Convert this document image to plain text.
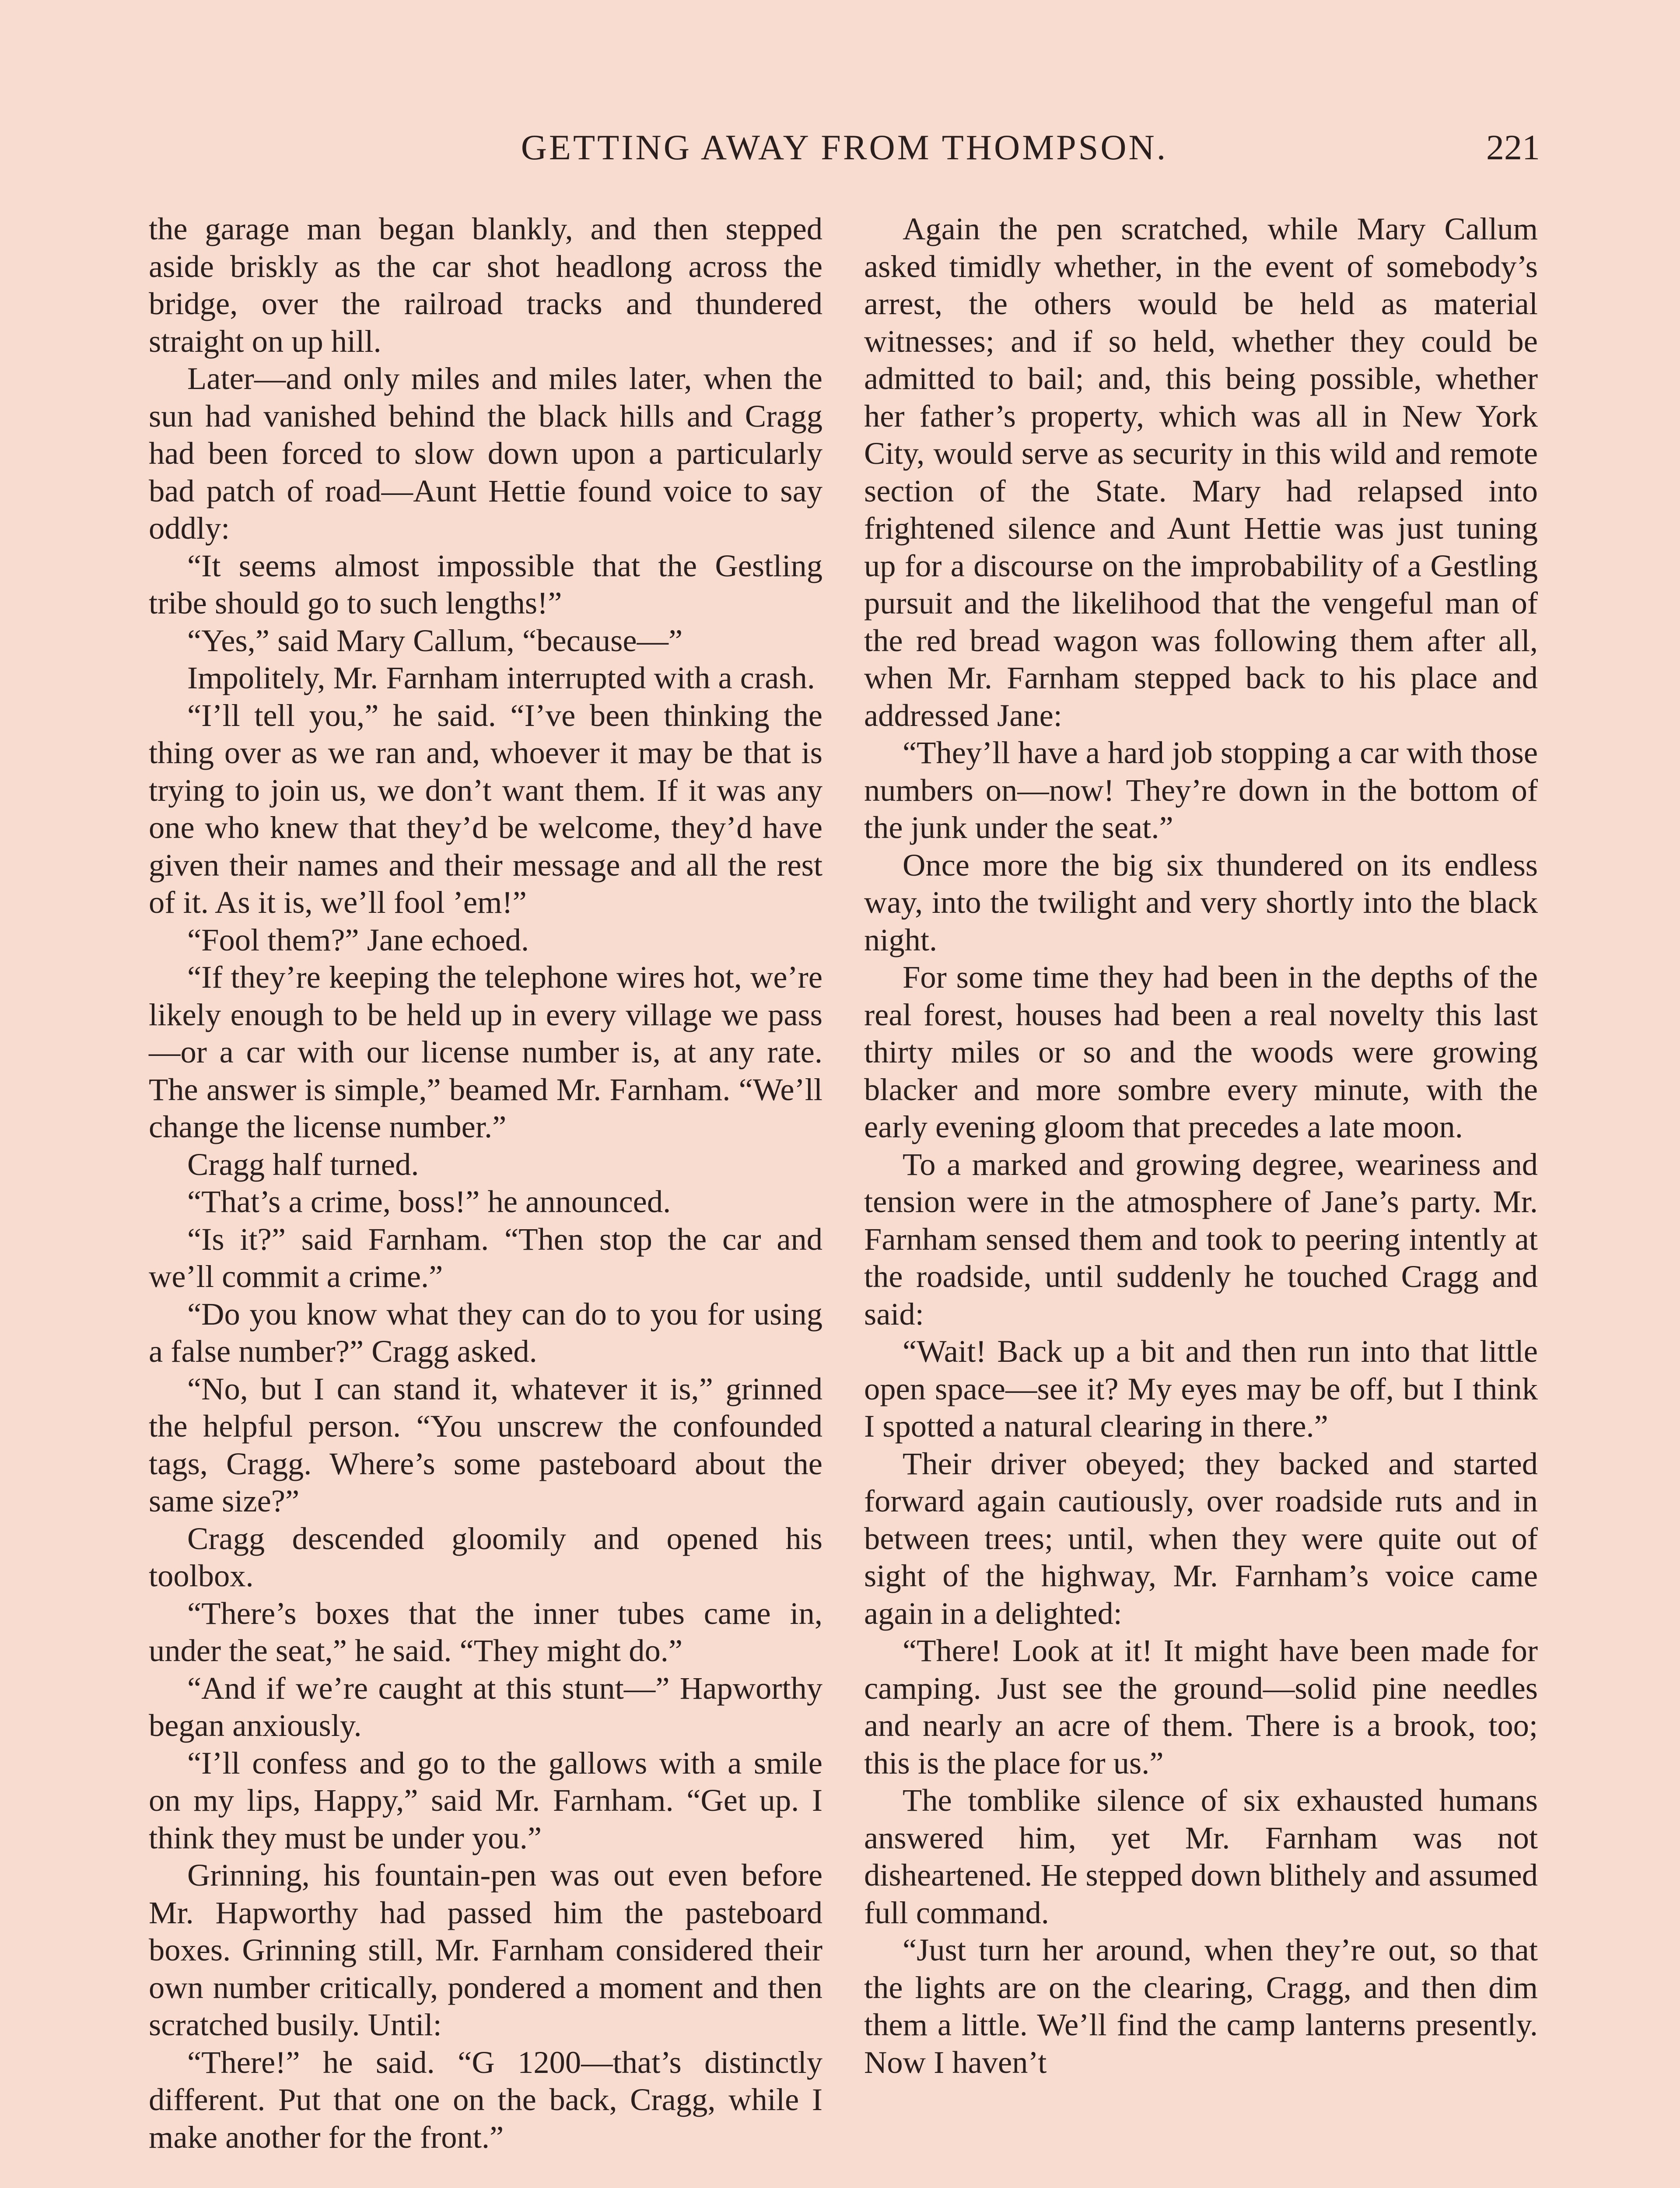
GETTING AWAY FROM THOMPSON.	221

the garage man began blankly, and then stepped aside briskly as the car shot headlong across the bridge, over the railroad tracks and thundered straight on up hill.

Later—and only miles and miles later, when the sun had vanished behind the black hills and Cragg had been forced to slow down upon a particularly bad patch of road—Aunt Hettie found voice to say oddly:

“It seems almost impossible that the Gestling tribe should go to such lengths!”

“Yes,” said Mary Callum, “because—”

Impolitely, Mr. Farnham interrupted with a crash.

“I’ll tell you,” he said. “I’ve been thinking the thing over as we ran and, whoever it may be that is trying to join us, we don’t want them. If it was any one who knew that they’d be welcome, they’d have given their names and their message and all the rest of it. As it is, we’ll fool ’em!”

“Fool them?” Jane echoed.

“If they’re keeping the telephone wires hot, we’re likely enough to be held up in every village we pass—or a car with our license number is, at any rate. The answer is simple,” beamed Mr. Farnham. “We’ll change the license number.”

Cragg half turned.

“That’s a crime, boss!” he announced.

“Is it?” said Farnham. “Then stop the car and we’ll commit a crime.”

“Do you know what they can do to you for using a false number?” Cragg asked.

“No, but I can stand it, whatever it is,” grinned the helpful person. “You unscrew the confounded tags, Cragg. Where’s some pasteboard about the same size?”

Cragg descended gloomily and opened his toolbox.

“There’s boxes that the inner tubes came in, under the seat,” he said. “They might do.”

“And if we’re caught at this stunt—” Hapworthy began anxiously.

“I’ll confess and go to the gallows with a smile on my lips, Happy,” said Mr. Farnham. “Get up. I think they must be under you.”

Grinning, his fountain-pen was out even before Mr. Hapworthy had passed him the pasteboard boxes. Grinning still, Mr. Farnham considered their own number critically, pondered a moment and then scratched busily. Until:

“There!” he said. “G 1200—that’s distinctly different. Put that one on the back, Cragg, while I make another for the front.”

Again the pen scratched, while Mary Callum asked timidly whether, in the event of somebody’s arrest, the others would be held as material witnesses; and if so held, whether they could be admitted to bail; and, this being possible, whether her father’s property, which was all in New York City, would serve as security in this wild and remote section of the State. Mary had relapsed into frightened silence and Aunt Hettie was just tuning up for a discourse on the improbability of a Gestling pursuit and the likelihood that the vengeful man of the red bread wagon was following them after all, when Mr. Farnham stepped back to his place and addressed Jane:

“They’ll have a hard job stopping a car with those numbers on—now! They’re down in the bottom of the junk under the seat.”

Once more the big six thundered on its endless way, into the twilight and very shortly into the black night.

For some time they had been in the depths of the real forest, houses had been a real novelty this last thirty miles or so and the woods were growing blacker and more sombre every minute, with the early evening gloom that precedes a late moon.

To a marked and growing degree, weariness and tension were in the atmosphere of Jane’s party. Mr. Farnham sensed them and took to peering intently at the roadside, until suddenly he touched Cragg and said:

“Wait! Back up a bit and then run into that little open space—see it? My eyes may be off, but I think I spotted a natural clearing in there.”

Their driver obeyed; they backed and started forward again cautiously, over roadside ruts and in between trees; until, when they were quite out of sight of the highway, Mr. Farnham’s voice came again in a delighted:

“There! Look at it! It might have been made for camping. Just see the ground—solid pine needles and nearly an acre of them. There is a brook, too; this is the place for us.”

The tomblike silence of six exhausted humans answered him, yet Mr. Farnham was not disheartened. He stepped down blithely and assumed full command.

“Just turn her around, when they’re out, so that the lights are on the clearing, Cragg, and then dim them a little. We’ll find the camp lanterns presently. Now I haven’t
